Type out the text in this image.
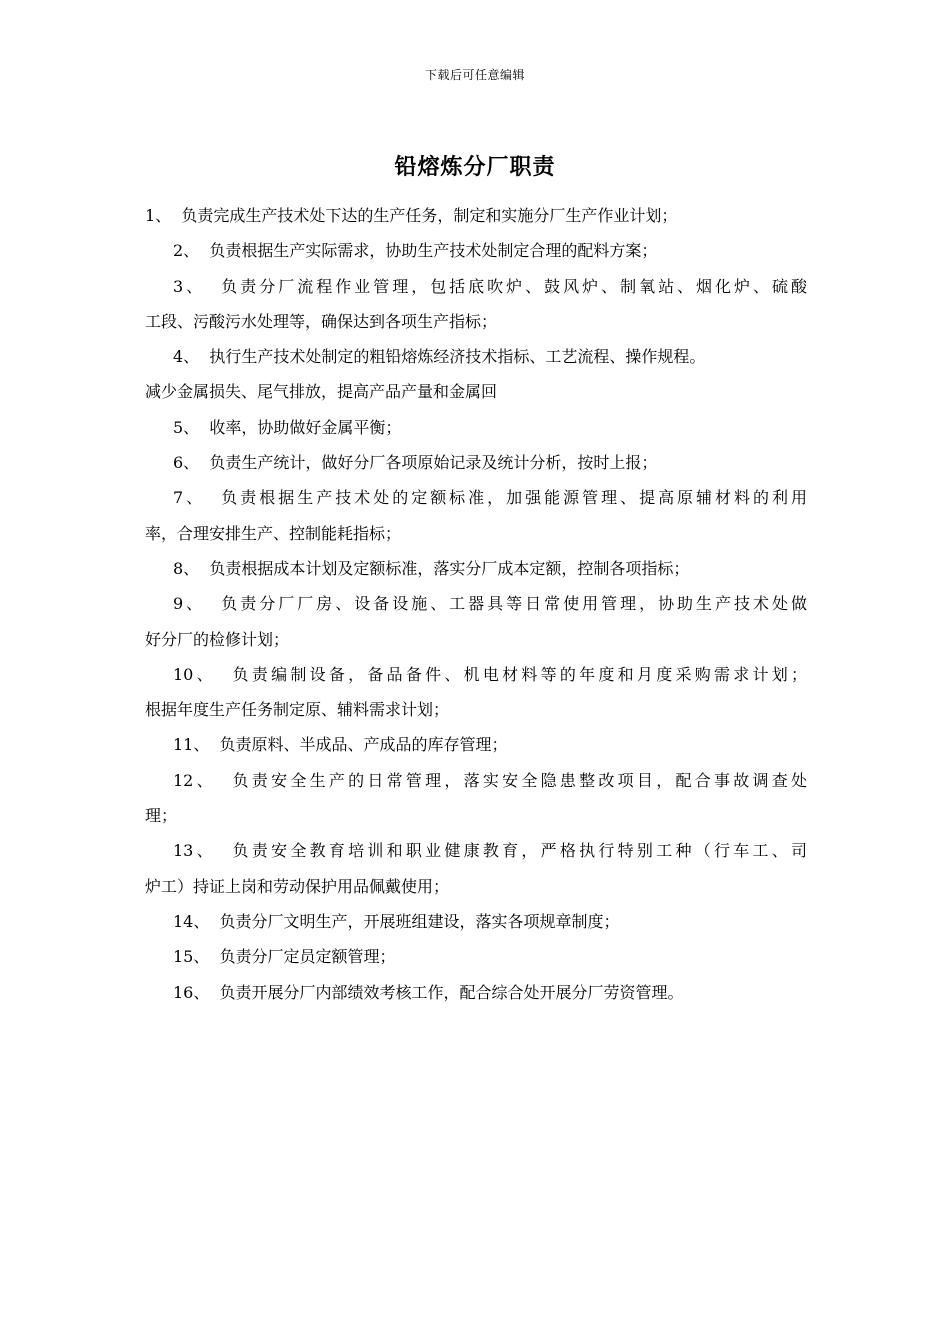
下载后可任意编辑
铅熔炼分厂职责
1、  负责完成生产技术处下达的生产任务，制定和实施分厂生产作业计划；
2、  负责根据生产实际需求，协助生产技术处制定合理的配料方案；
3、  负责分厂流程作业管理，包括底吹炉、鼓风炉、制氧站、烟化炉、硫酸
工段、污酸污水处理等，确保达到各项生产指标；
4、  执行生产技术处制定的粗铅熔炼经济技术指标、工艺流程、操作规程。
减少金属损失、尾气排放，提高产品产量和金属回
5、  收率，协助做好金属平衡；
6、  负责生产统计，做好分厂各项原始记录及统计分析，按时上报；
7、  负责根据生产技术处的定额标准，加强能源管理、提高原辅材料的利用
率，合理安排生产、控制能耗指标；
8、  负责根据成本计划及定额标准，落实分厂成本定额，控制各项指标；
9、  负责分厂厂房、设备设施、工器具等日常使用管理，协助生产技术处做
好分厂的检修计划；
10、  负责编制设备，备品备件、机电材料等的年度和月度采购需求计划；
根据年度生产任务制定原、辅料需求计划；
11、  负责原料、半成品、产成品的库存管理；
12、  负责安全生产的日常管理，落实安全隐患整改项目，配合事故调查处
理；
13、  负责安全教育培训和职业健康教育，严格执行特别工种（行车工、司
炉工）持证上岗和劳动保护用品佩戴使用；
14、  负责分厂文明生产，开展班组建设，落实各项规章制度；
15、  负责分厂定员定额管理；
16、  负责开展分厂内部绩效考核工作，配合综合处开展分厂劳资管理。
